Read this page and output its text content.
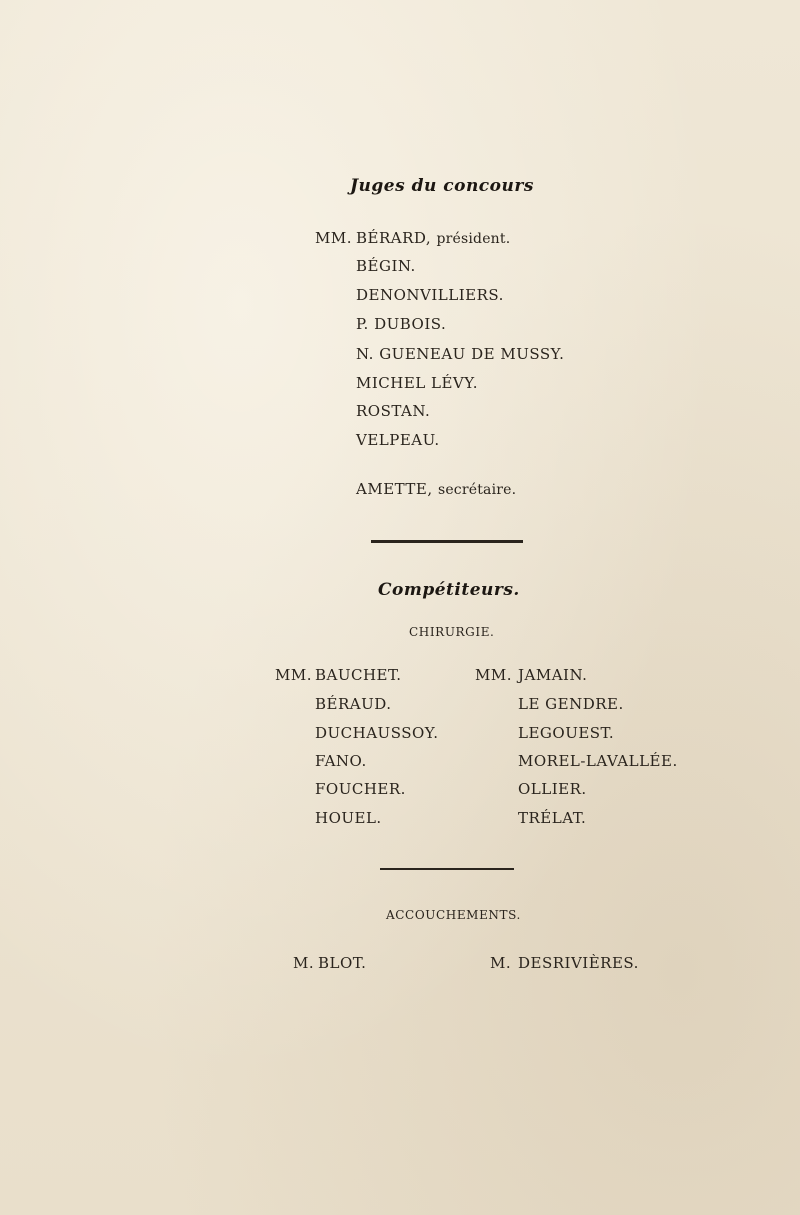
Juges du concours
MM. BÉRARD, président.
BÉGIN.
DENONVILLIERS.
P. DUBOIS.
N. GUENEAU DE MUSSY.
MICHEL LÉVY.
ROSTAN.
VELPEAU.
AMETTE, secrétaire.
Compétiteurs.
CHIRURGIE.
MM. BAUCHET.
BÉRAUD.
DUCHAUSSOY.
FANO.
FOUCHER.
HOUEL.
MM. JAMAIN.
LE GENDRE.
LEGOUEST.
MOREL-LAVALLÉE.
OLLIER.
TRÉLAT.
ACCOUCHEMENTS.
M. BLOT.	M. DESRIVIÈRES.
